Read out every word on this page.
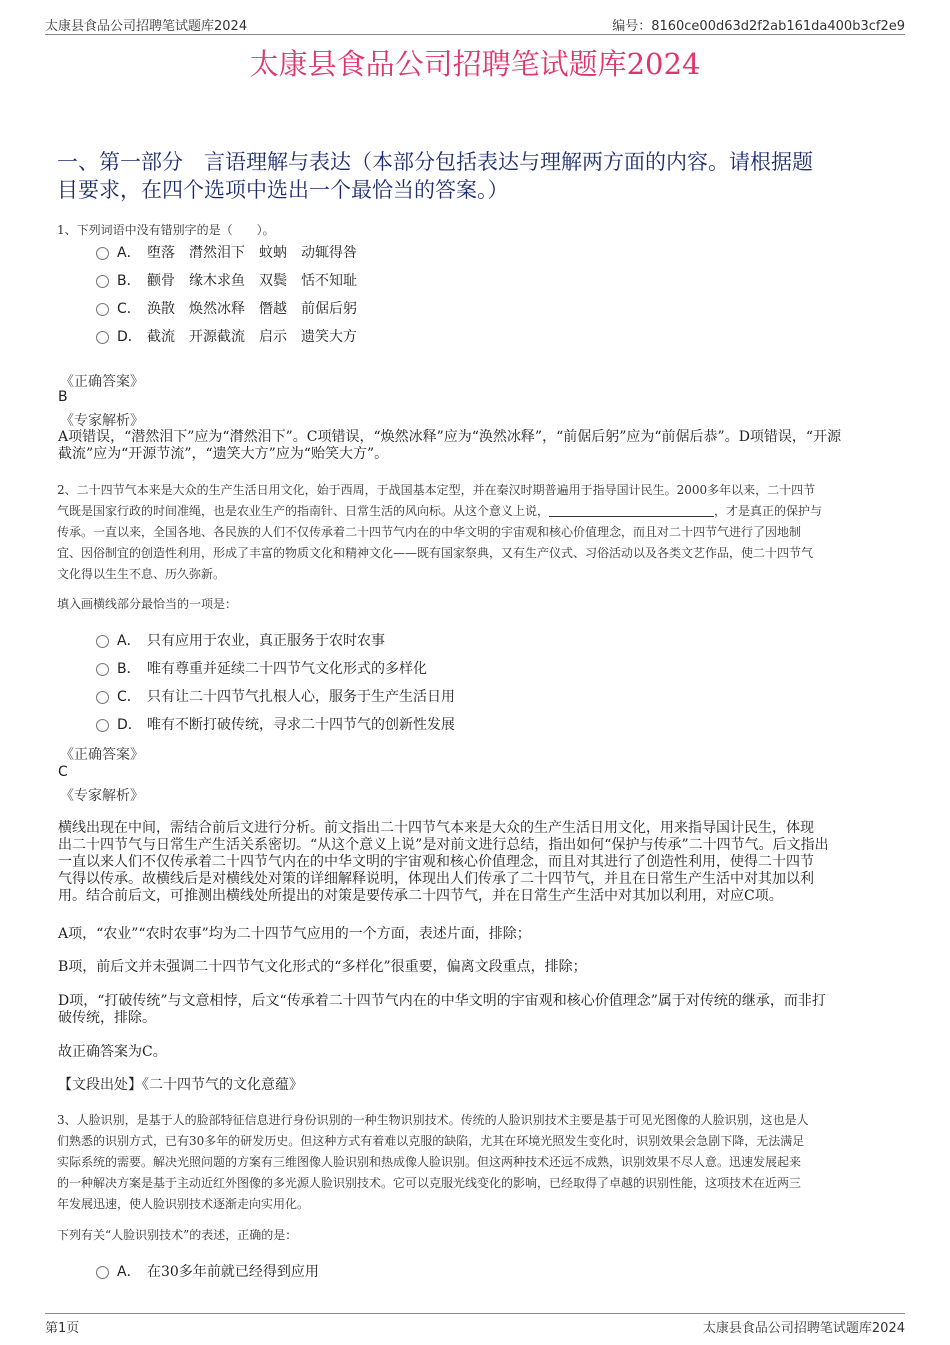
太康县食品公司招聘笔试题库2024	编号：8160ce00d63d2f2ab161da400b3cf2e9
太康县食品公司招聘笔试题库2024
一、第一部分　言语理解与表达（本部分包括表达与理解两方面的内容。请根据题
目要求，在四个选项中选出一个最恰当的答案。）
1、下列词语中没有错别字的是（　　）。
A． 堕落 潸然泪下 蚊蚋 动辄得咎
B． 颧骨 缘木求鱼 双鬓 恬不知耻
C． 涣散 焕然冰释 僭越 前倨后躬
D． 截流 开源截流 启示 遗笑大方
《正确答案》
B
《专家解析》
A项错误，“潜然泪下”应为“潸然泪下”。C项错误，“焕然冰释”应为“涣然冰释”，“前倨后躬”应为“前倨后恭”。D项错误，“开源
截流”应为“开源节流”，“遗笑大方”应为“贻笑大方”。
2、二十四节气本来是大众的生产生活日用文化，始于西周，于战国基本定型，并在秦汉时期普遍用于指导国计民生。2000多年以来，二十四节
气既是国家行政的时间准绳，也是农业生产的指南针、日常生活的风向标。从这个意义上说，	，才是真正的保护与
传承。一直以来，全国各地、各民族的人们不仅传承着二十四节气内在的中华文明的宇宙观和核心价值理念，而且对二十四节气进行了因地制
宜、因俗制宜的创造性利用，形成了丰富的物质文化和精神文化——既有国家祭典，又有生产仪式、习俗活动以及各类文艺作品，使二十四节气
文化得以生生不息、历久弥新。
填入画横线部分最恰当的一项是：
A． 只有应用于农业，真正服务于农时农事
B． 唯有尊重并延续二十四节气文化形式的多样化
C． 只有让二十四节气扎根人心，服务于生产生活日用
D． 唯有不断打破传统，寻求二十四节气的创新性发展
《正确答案》
C
《专家解析》
横线出现在中间，需结合前后文进行分析。前文指出二十四节气本来是大众的生产生活日用文化，用来指导国计民生，体现
出二十四节气与日常生产生活关系密切。“从这个意义上说”是对前文进行总结，指出如何“保护与传承”二十四节气。后文指出
一直以来人们不仅传承着二十四节气内在的中华文明的宇宙观和核心价值理念，而且对其进行了创造性利用，使得二十四节
气得以传承。故横线后是对横线处对策的详细解释说明，体现出人们传承了二十四节气，并且在日常生产生活中对其加以利
用。结合前后文，可推测出横线处所提出的对策是要传承二十四节气，并在日常生产生活中对其加以利用，对应C项。
A项，“农业”“农时农事”均为二十四节气应用的一个方面，表述片面，排除；
B项，前后文并未强调二十四节气文化形式的“多样化”很重要，偏离文段重点，排除；
D项，“打破传统”与文意相悖，后文“传承着二十四节气内在的中华文明的宇宙观和核心价值理念”属于对传统的继承，而非打
破传统，排除。
故正确答案为C。
【文段出处】《二十四节气的文化意蕴》
3、人脸识别，是基于人的脸部特征信息进行身份识别的一种生物识别技术。传统的人脸识别技术主要是基于可见光图像的人脸识别，这也是人
们熟悉的识别方式，已有30多年的研发历史。但这种方式有着难以克服的缺陷，尤其在环境光照发生变化时，识别效果会急剧下降，无法满足
实际系统的需要。解决光照问题的方案有三维图像人脸识别和热成像人脸识别。但这两种技术还远不成熟，识别效果不尽人意。迅速发展起来
的一种解决方案是基于主动近红外图像的多光源人脸识别技术。它可以克服光线变化的影响，已经取得了卓越的识别性能，这项技术在近两三
年发展迅速，使人脸识别技术逐渐走向实用化。
下列有关“人脸识别技术”的表述，正确的是：
A． 在30多年前就已经得到应用
第1页	太康县食品公司招聘笔试题库2024
